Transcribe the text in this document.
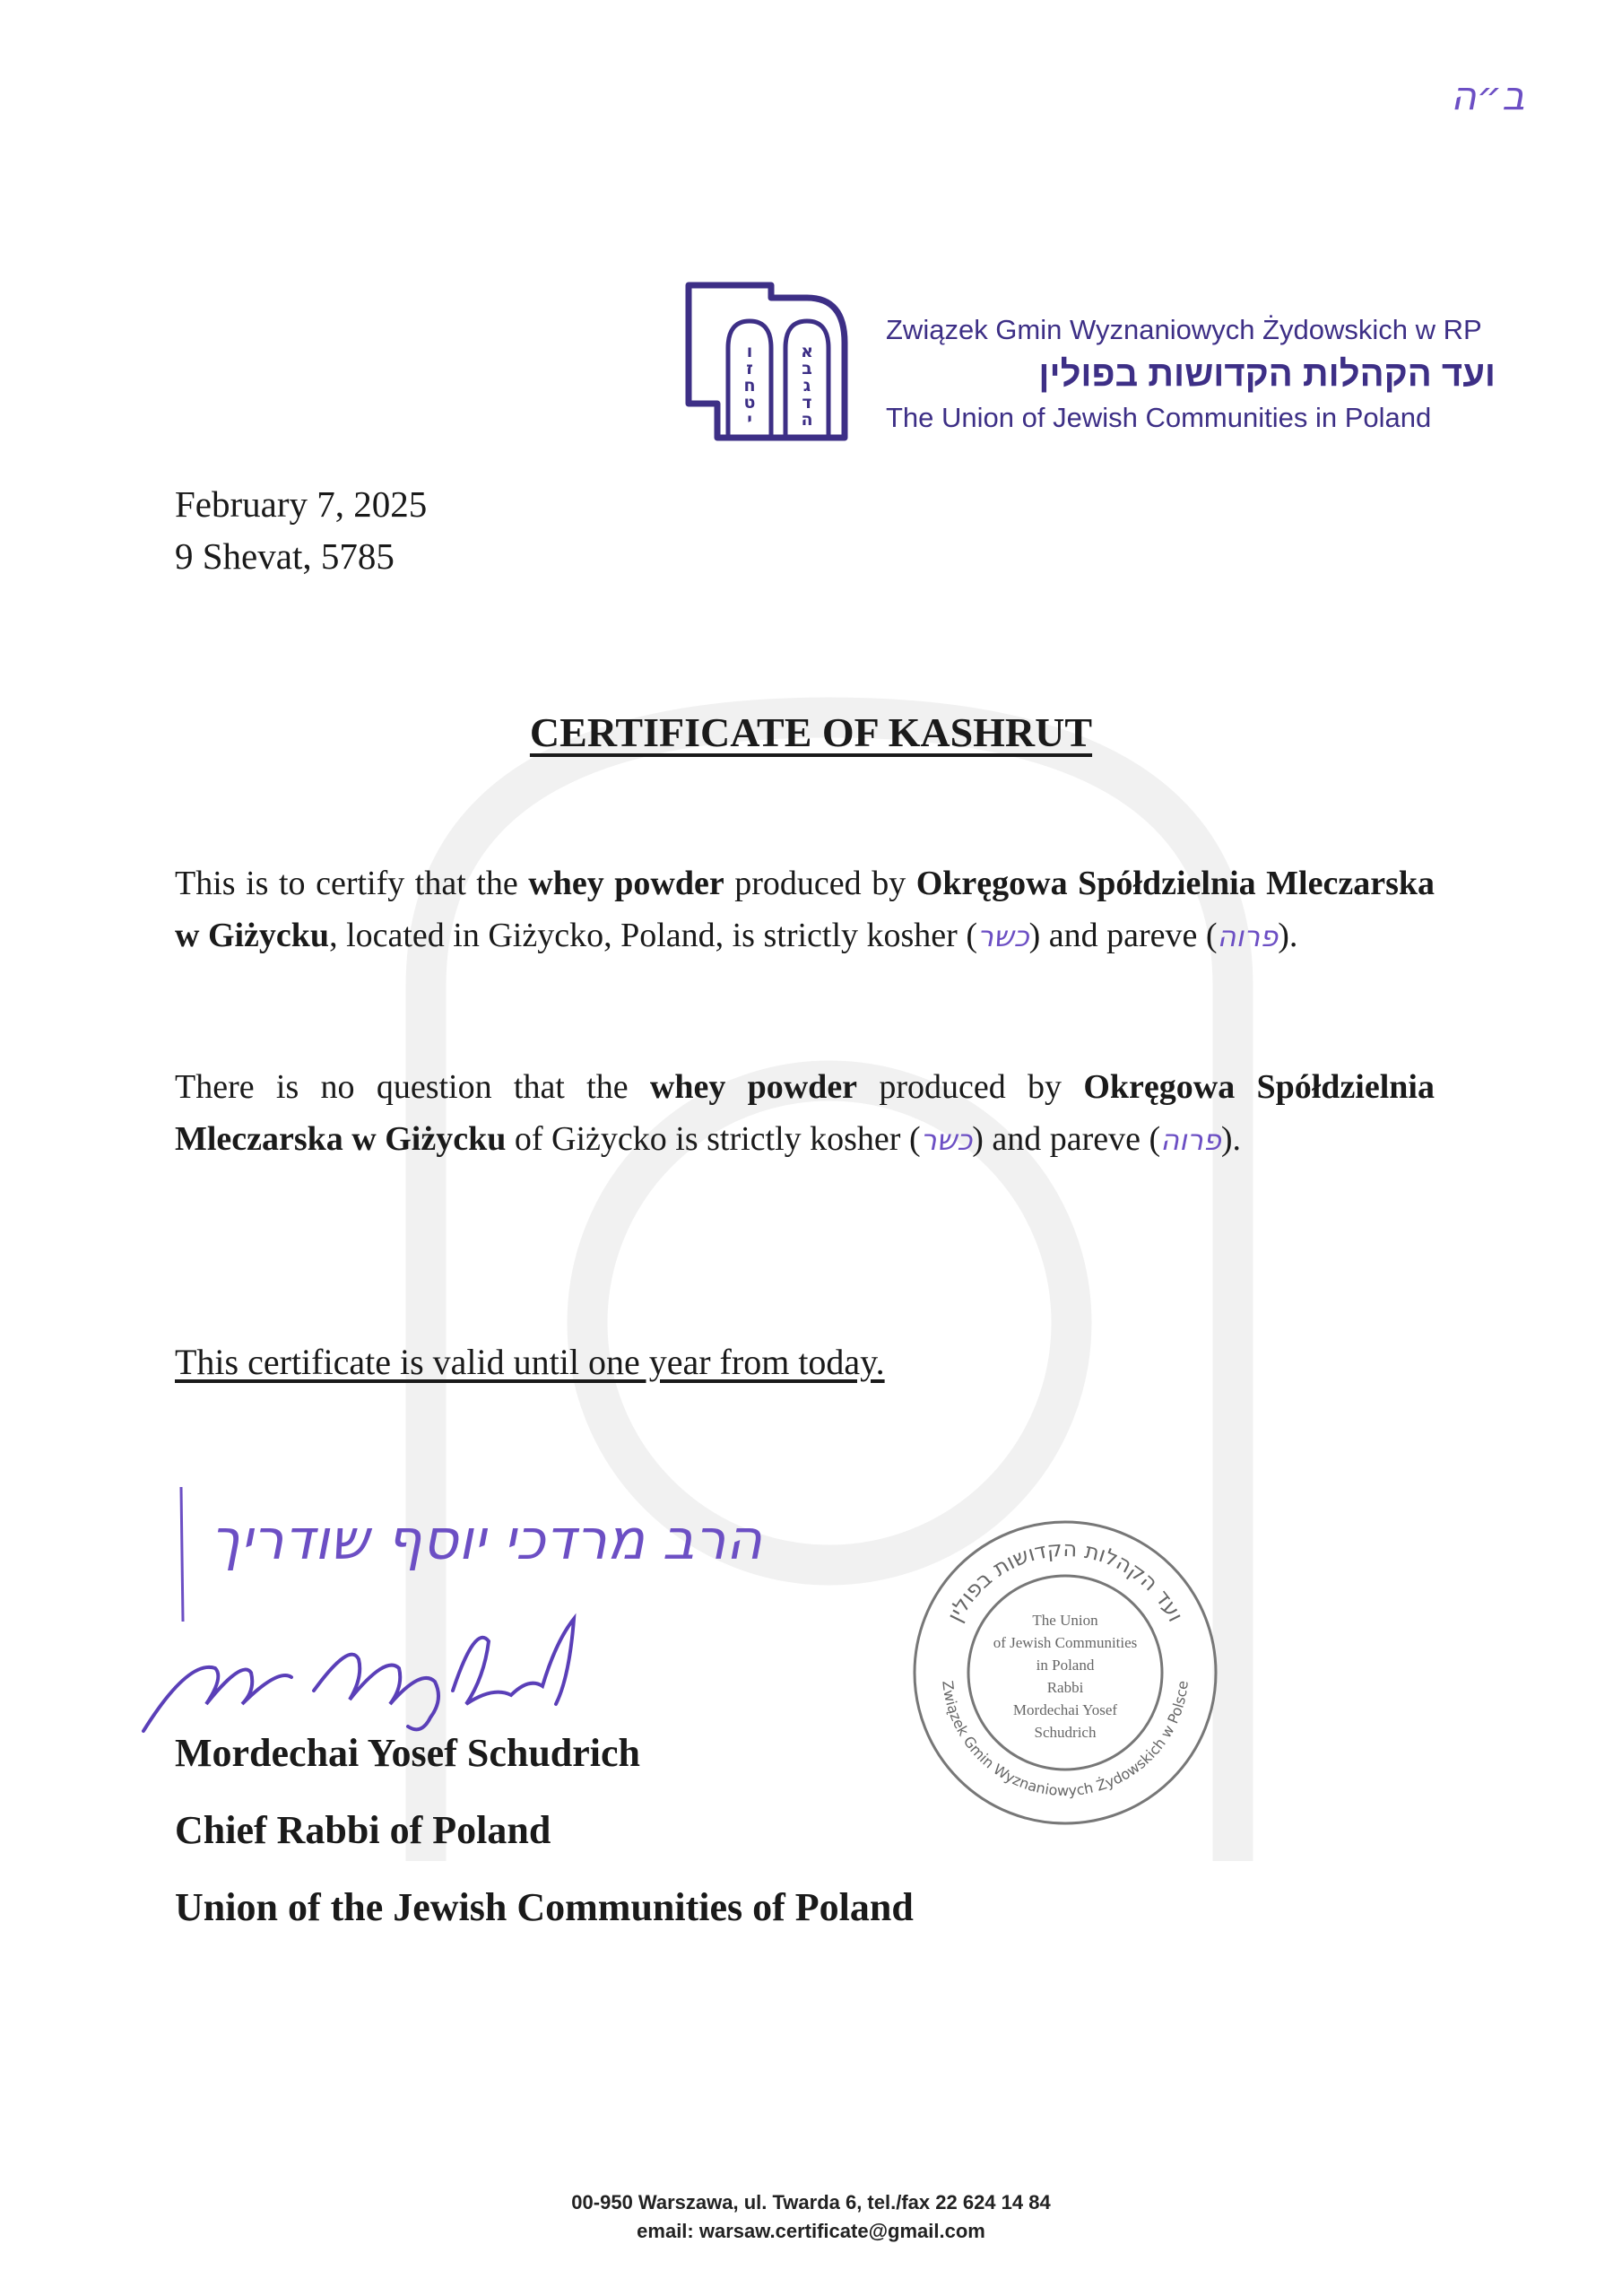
ב״ה
א
ב
ג
ד
ה
ו
ז
ח
ט
י
Związek Gmin Wyznaniowych Żydowskich w RP
ועד הקהלות הקדושות בפולין
The Union of Jewish Communities in Poland
February 7, 2025
9 Shevat, 5785
CERTIFICATE OF KASHRUT
This is to certify that the whey powder produced by Okręgowa Spółdzielnia Mleczarska w Giżycku, located in Giżycko, Poland, is strictly kosher (כשר) and pareve (פרוה).
There is no question that the whey powder produced by Okręgowa Spółdzielnia Mleczarska w Giżycku of Giżycko is strictly kosher (כשר) and pareve (פרוה).
This certificate is valid until one year from today.
הרב מרדכי יוסף שודריך
Mordechai Yosef Schudrich
Chief Rabbi of Poland
Union of the Jewish Communities of Poland
ועד הקהלות הקדושות בפולין
Związek Gmin Wyznaniowych Żydowskich w Polsce
The Union
of Jewish Communities
in Poland
Rabbi
Mordechai Yosef
Schudrich
00-950 Warszawa, ul. Twarda 6, tel./fax 22 624 14 84
email: warsaw.certificate@gmail.com
